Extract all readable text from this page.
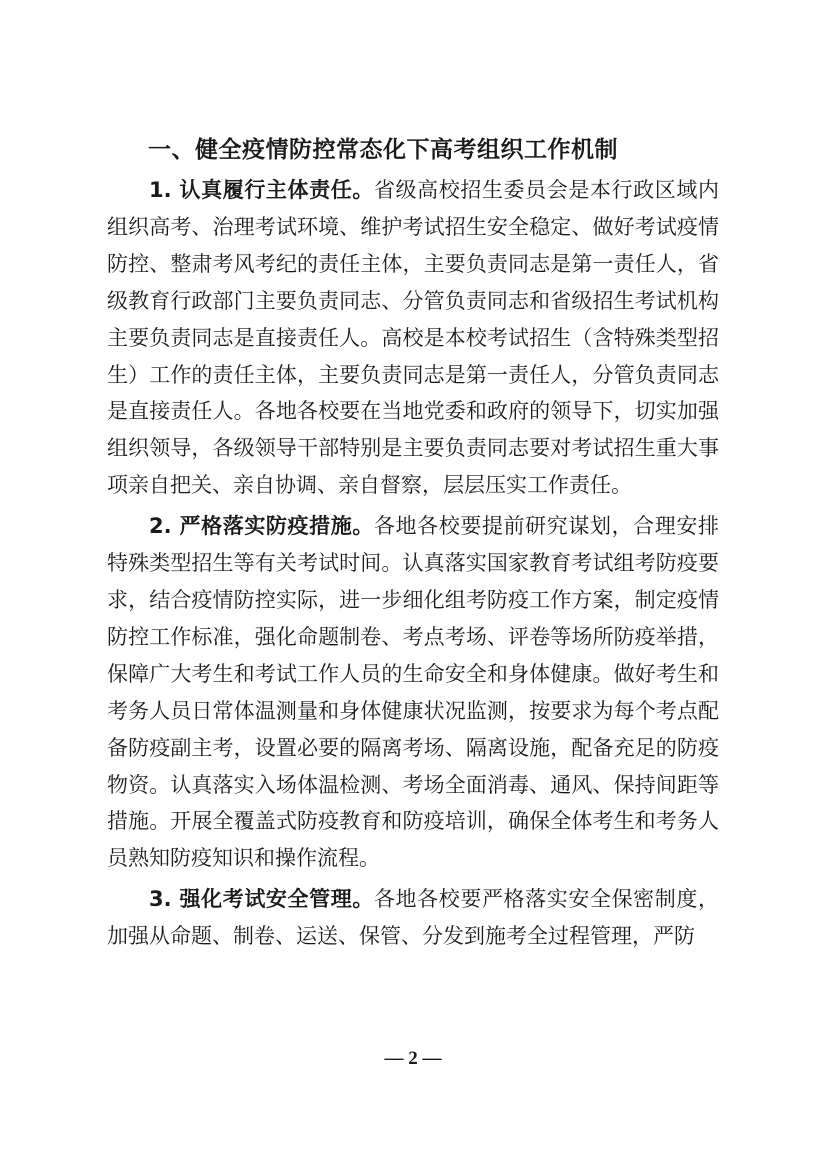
一、健全疫情防控常态化下高考组织工作机制

1. 认真履行主体责任。省级高校招生委员会是本行政区域内组织高考、治理考试环境、维护考试招生安全稳定、做好考试疫情防控、整肃考风考纪的责任主体，主要负责同志是第一责任人，省级教育行政部门主要负责同志、分管负责同志和省级招生考试机构主要负责同志是直接责任人。高校是本校考试招生（含特殊类型招生）工作的责任主体，主要负责同志是第一责任人，分管负责同志是直接责任人。各地各校要在当地党委和政府的领导下，切实加强组织领导，各级领导干部特别是主要负责同志要对考试招生重大事项亲自把关、亲自协调、亲自督察，层层压实工作责任。

2. 严格落实防疫措施。各地各校要提前研究谋划，合理安排特殊类型招生等有关考试时间。认真落实国家教育考试组考防疫要求，结合疫情防控实际，进一步细化组考防疫工作方案，制定疫情防控工作标准，强化命题制卷、考点考场、评卷等场所防疫举措，保障广大考生和考试工作人员的生命安全和身体健康。做好考生和考务人员日常体温测量和身体健康状况监测，按要求为每个考点配备防疫副主考，设置必要的隔离考场、隔离设施，配备充足的防疫物资。认真落实入场体温检测、考场全面消毒、通风、保持间距等措施。开展全覆盖式防疫教育和防疫培训，确保全体考生和考务人员熟知防疫知识和操作流程。

3. 强化考试安全管理。各地各校要严格落实安全保密制度，加强从命题、制卷、运送、保管、分发到施考全过程管理，严防

— 2 —
